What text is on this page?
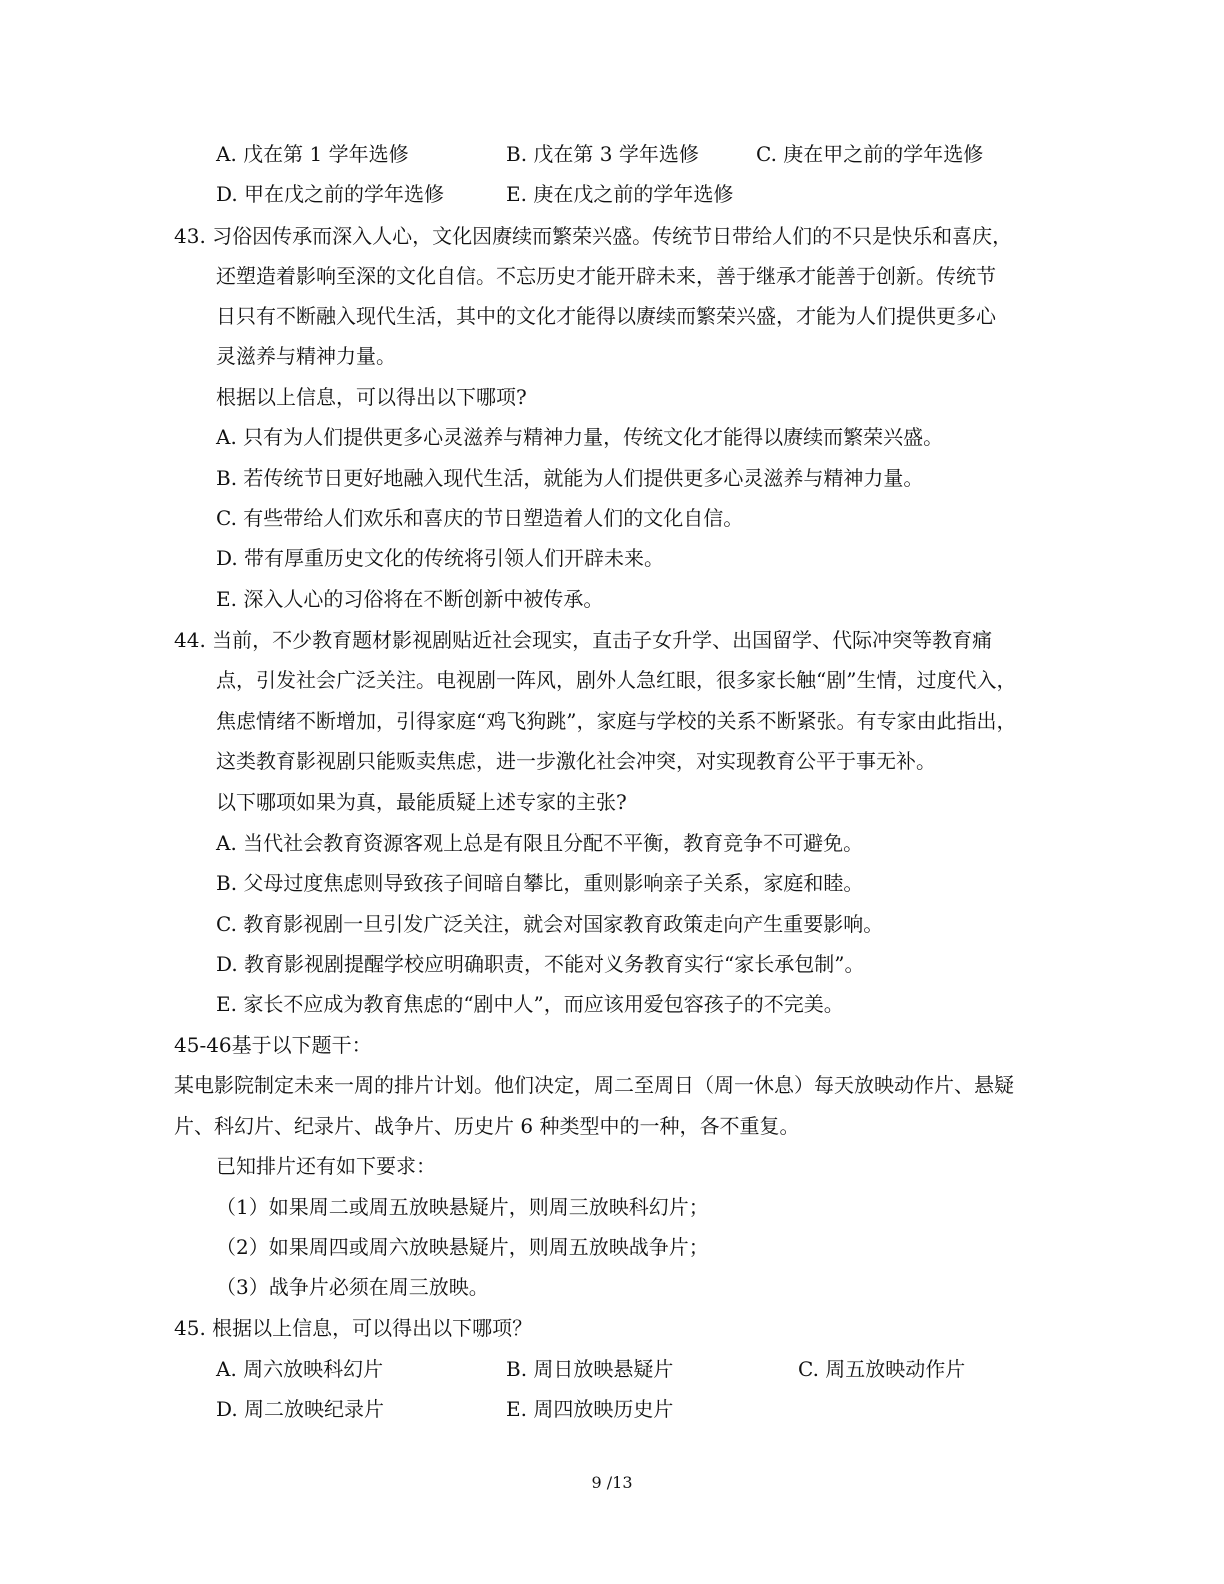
A. 戊在第 1 学年选修	B. 戊在第 3 学年选修	C. 庚在甲之前的学年选修
D. 甲在戊之前的学年选修	E. 庚在戊之前的学年选修
43. 习俗因传承而深入人心，文化因赓续而繁荣兴盛。传统节日带给人们的不只是快乐和喜庆，
还塑造着影响至深的文化自信。不忘历史才能开辟未来，善于继承才能善于创新。传统节
日只有不断融入现代生活，其中的文化才能得以赓续而繁荣兴盛，才能为人们提供更多心
灵滋养与精神力量。
根据以上信息，可以得出以下哪项?
A. 只有为人们提供更多心灵滋养与精神力量，传统文化才能得以赓续而繁荣兴盛。
B. 若传统节日更好地融入现代生活，就能为人们提供更多心灵滋养与精神力量。
C. 有些带给人们欢乐和喜庆的节日塑造着人们的文化自信。
D. 带有厚重历史文化的传统将引领人们开辟未来。
E. 深入人心的习俗将在不断创新中被传承。
44. 当前，不少教育题材影视剧贴近社会现实，直击子女升学、出国留学、代际冲突等教育痛
点，引发社会广泛关注。电视剧一阵风，剧外人急红眼，很多家长触“剧”生情，过度代入，
焦虑情绪不断增加，引得家庭“鸡飞狗跳”，家庭与学校的关系不断紧张。有专家由此指出，
这类教育影视剧只能贩卖焦虑，进一步激化社会冲突，对实现教育公平于事无补。
以下哪项如果为真，最能质疑上述专家的主张?
A. 当代社会教育资源客观上总是有限且分配不平衡，教育竞争不可避免。
B. 父母过度焦虑则导致孩子间暗自攀比，重则影响亲子关系，家庭和睦。
C. 教育影视剧一旦引发广泛关注，就会对国家教育政策走向产生重要影响。
D. 教育影视剧提醒学校应明确职责，不能对义务教育实行“家长承包制”。
E. 家长不应成为教育焦虑的“剧中人”，而应该用爱包容孩子的不完美。
45-46基于以下题干：
某电影院制定未来一周的排片计划。他们决定，周二至周日（周一休息）每天放映动作片、悬疑
片、科幻片、纪录片、战争片、历史片 6 种类型中的一种，各不重复。
已知排片还有如下要求：
（1）如果周二或周五放映悬疑片，则周三放映科幻片；
（2）如果周四或周六放映悬疑片，则周五放映战争片；
（3）战争片必须在周三放映。
45. 根据以上信息，可以得出以下哪项？
A. 周六放映科幻片	B. 周日放映悬疑片	C. 周五放映动作片
D. 周二放映纪录片	E. 周四放映历史片
9 /13
